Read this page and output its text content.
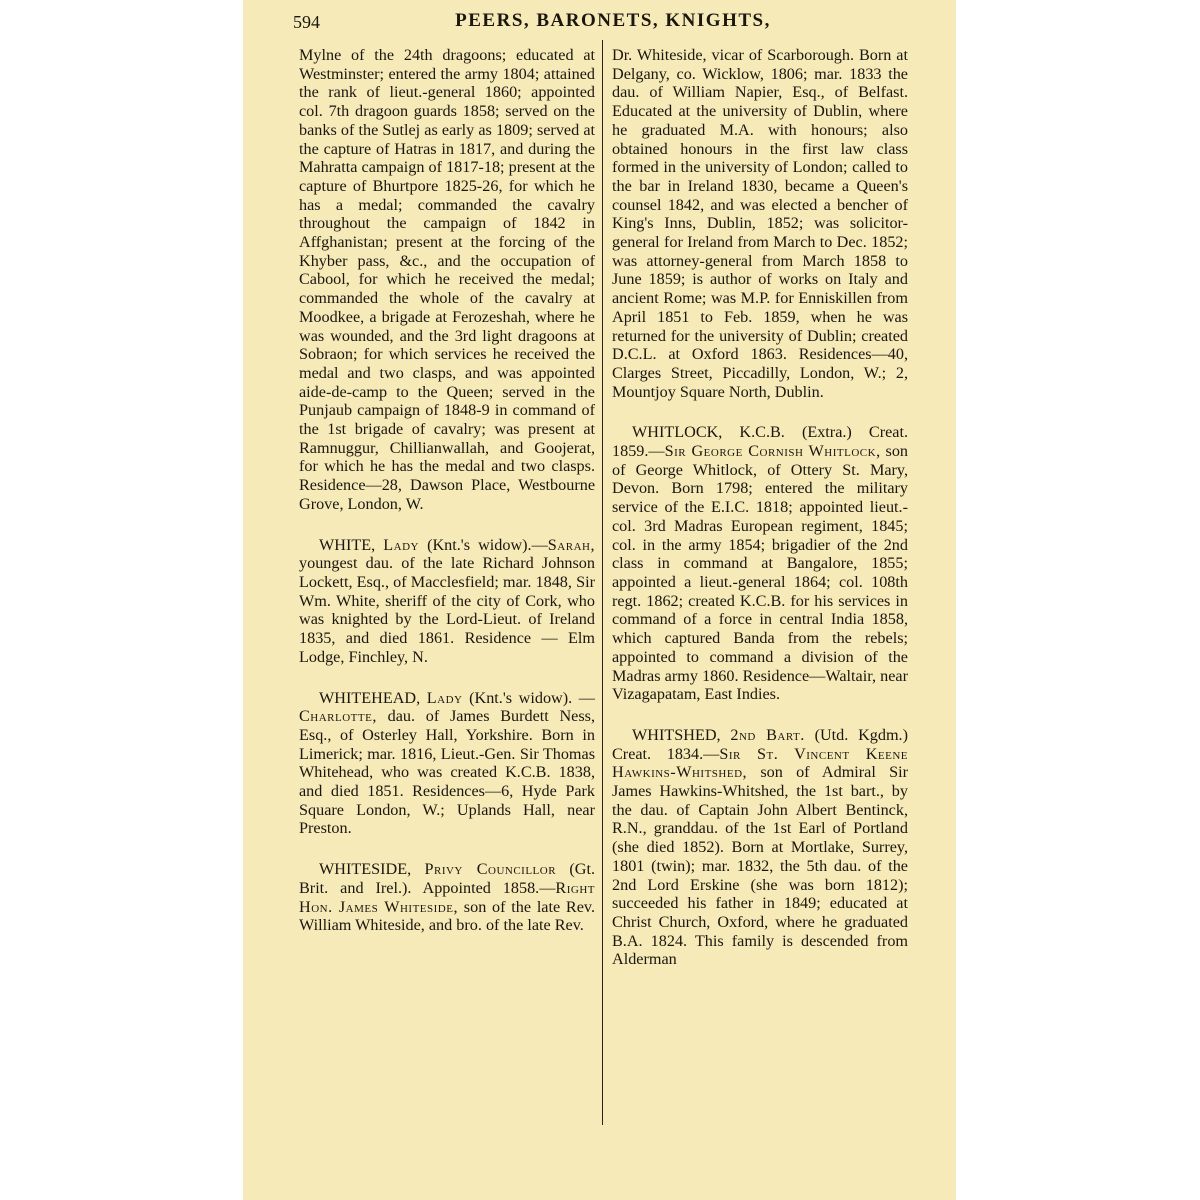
594	PEERS, BARONETS, KNIGHTS,

Mylne of the 24th dragoons; educated at Westminster; entered the army 1804; attained the rank of lieut.-general 1860; appointed col. 7th dragoon guards 1858; served on the banks of the Sutlej as early as 1809; served at the capture of Hatras in 1817, and during the Mahratta campaign of 1817-18; present at the capture of Bhurtpore 1825-26, for which he has a medal; commanded the cavalry throughout the campaign of 1842 in Affghanistan; present at the forcing of the Khyber pass, &c., and the occupation of Cabool, for which he received the medal; commanded the whole of the cavalry at Moodkee, a brigade at Ferozeshah, where he was wounded, and the 3rd light dragoons at Sobraon; for which services he received the medal and two clasps, and was appointed aide-de-camp to the Queen; served in the Punjaub campaign of 1848-9 in command of the 1st brigade of cavalry; was present at Ramnuggur, Chillianwallah, and Goojerat, for which he has the medal and two clasps. Residence—28, Dawson Place, Westbourne Grove, London, W.

WHITE, Lady (Knt.'s widow).—Sarah, youngest dau. of the late Richard Johnson Lockett, Esq., of Macclesfield; mar. 1848, Sir Wm. White, sheriff of the city of Cork, who was knighted by the Lord-Lieut. of Ireland 1835, and died 1861. Residence — Elm Lodge, Finchley, N.

WHITEHEAD, Lady (Knt.'s widow). — Charlotte, dau. of James Burdett Ness, Esq., of Osterley Hall, Yorkshire. Born in Limerick; mar. 1816, Lieut.-Gen. Sir Thomas Whitehead, who was created K.C.B. 1838, and died 1851. Residences—6, Hyde Park Square London, W.; Uplands Hall, near Preston.

WHITESIDE, Privy Councillor (Gt. Brit. and Irel.). Appointed 1858.—Right Hon. James Whiteside, son of the late Rev. William Whiteside, and bro. of the late Rev.

Dr. Whiteside, vicar of Scarborough. Born at Delgany, co. Wicklow, 1806; mar. 1833 the dau. of William Napier, Esq., of Belfast. Educated at the university of Dublin, where he graduated M.A. with honours; also obtained honours in the first law class formed in the university of London; called to the bar in Ireland 1830, became a Queen's counsel 1842, and was elected a bencher of King's Inns, Dublin, 1852; was solicitor-general for Ireland from March to Dec. 1852; was attorney-general from March 1858 to June 1859; is author of works on Italy and ancient Rome; was M.P. for Enniskillen from April 1851 to Feb. 1859, when he was returned for the university of Dublin; created D.C.L. at Oxford 1863. Residences—40, Clarges Street, Piccadilly, London, W.; 2, Mountjoy Square North, Dublin.

WHITLOCK, K.C.B. (Extra.) Creat. 1859.—Sir George Cornish Whitlock, son of George Whitlock, of Ottery St. Mary, Devon. Born 1798; entered the military service of the E.I.C. 1818; appointed lieut.-col. 3rd Madras European regiment, 1845; col. in the army 1854; brigadier of the 2nd class in command at Bangalore, 1855; appointed a lieut.-general 1864; col. 108th regt. 1862; created K.C.B. for his services in command of a force in central India 1858, which captured Banda from the rebels; appointed to command a division of the Madras army 1860. Residence—Waltair, near Vizagapatam, East Indies.

WHITSHED, 2nd Bart. (Utd. Kgdm.) Creat. 1834.—Sir St. Vincent Keene Hawkins-Whitshed, son of Admiral Sir James Hawkins-Whitshed, the 1st bart., by the dau. of Captain John Albert Bentinck, R.N., granddau. of the 1st Earl of Portland (she died 1852). Born at Mortlake, Surrey, 1801 (twin); mar. 1832, the 5th dau. of the 2nd Lord Erskine (she was born 1812); succeeded his father in 1849; educated at Christ Church, Oxford, where he graduated B.A. 1824. This family is descended from Alderman
